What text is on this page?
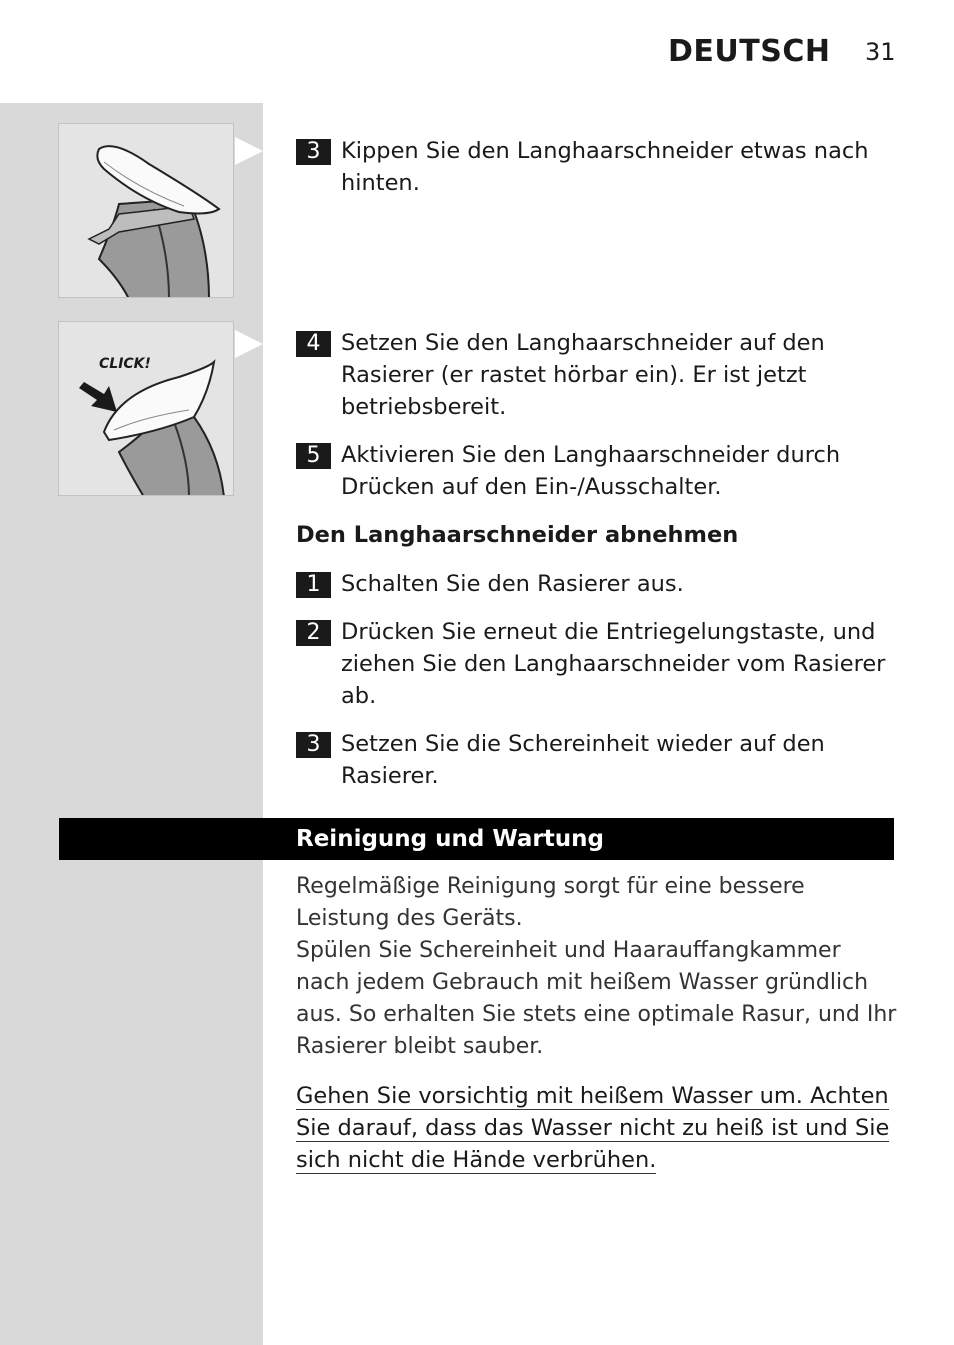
DEUTSCH 31
CLICK!
3 Kippen Sie den Langhaarschneider etwas nach hinten.
4 Setzen Sie den Langhaarschneider auf den Rasierer (er rastet hörbar ein). Er ist jetzt betriebsbereit.
5 Aktivieren Sie den Langhaarschneider durch Drücken auf den Ein-/Ausschalter.
Den Langhaarschneider abnehmen
1 Schalten Sie den Rasierer aus.
2 Drücken Sie erneut die Entriegelungstaste, und ziehen Sie den Langhaarschneider vom Rasierer ab.
3 Setzen Sie die Schereinheit wieder auf den Rasierer.
Reinigung und Wartung
Regelmäßige Reinigung sorgt für eine bessere Leistung des Geräts.
Spülen Sie Schereinheit und Haarauffangkammer nach jedem Gebrauch mit heißem Wasser gründlich aus. So erhalten Sie stets eine optimale Rasur, und Ihr Rasierer bleibt sauber.
Gehen Sie vorsichtig mit heißem Wasser um. Achten Sie darauf, dass das Wasser nicht zu heiß ist und Sie sich nicht die Hände verbrühen.
